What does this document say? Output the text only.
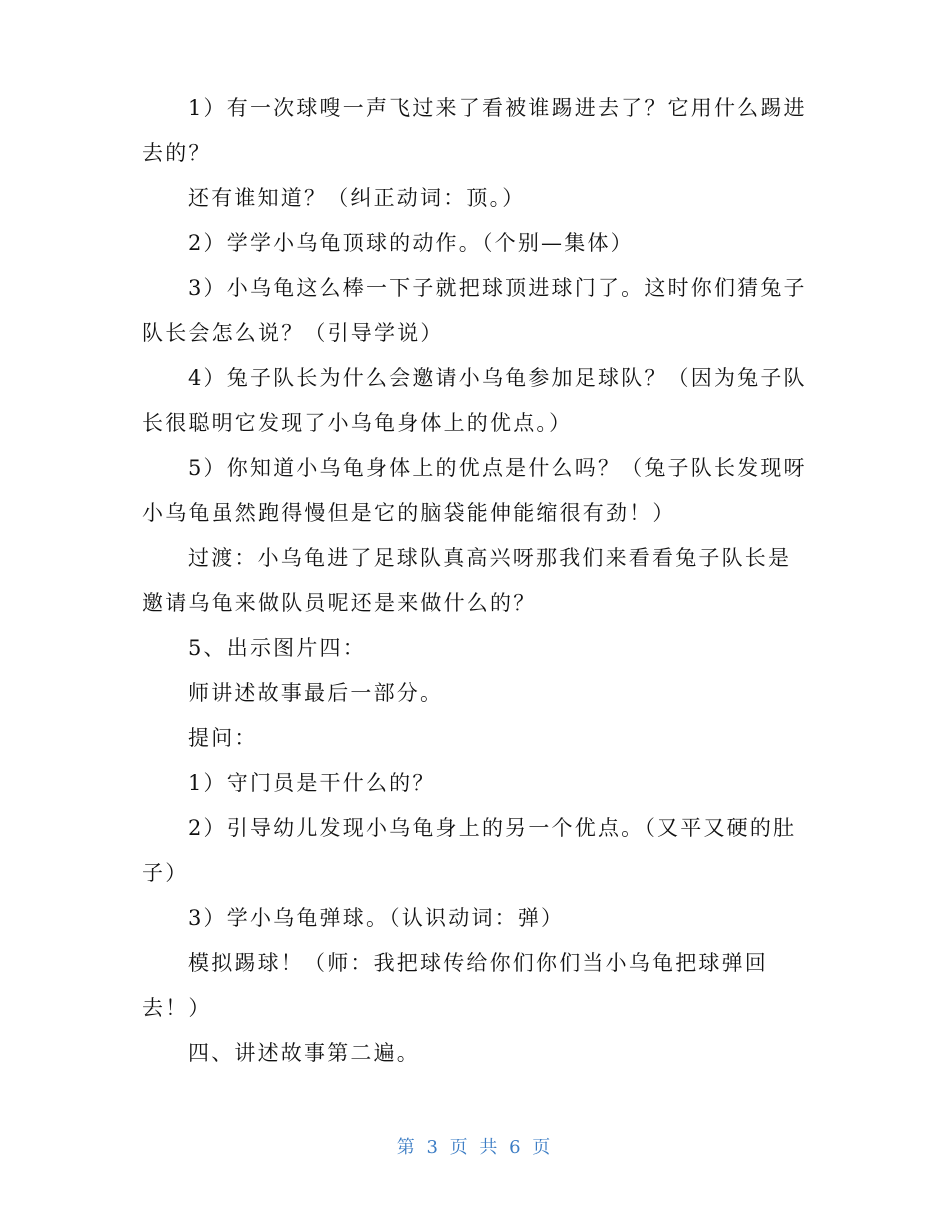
1）有一次球嗖一声飞过来了看被谁踢进去了？它用什么踢进去的？

还有谁知道？（纠正动词：顶。）

2）学学小乌龟顶球的动作。（个别—集体）

3）小乌龟这么棒一下子就把球顶进球门了。这时你们猜兔子队长会怎么说？（引导学说）

4）兔子队长为什么会邀请小乌龟参加足球队？（因为兔子队长很聪明它发现了小乌龟身体上的优点。）

5）你知道小乌龟身体上的优点是什么吗？（兔子队长发现呀小乌龟虽然跑得慢但是它的脑袋能伸能缩很有劲！）

过渡：小乌龟进了足球队真高兴呀那我们来看看兔子队长是邀请乌龟来做队员呢还是来做什么的？

5、出示图片四：

师讲述故事最后一部分。

提问：

1）守门员是干什么的？

2）引导幼儿发现小乌龟身上的另一个优点。（又平又硬的肚子）

3）学小乌龟弹球。（认识动词：弹）

模拟踢球！（师：我把球传给你们你们当小乌龟把球弹回去！）

四、讲述故事第二遍。

第 3 页 共 6 页
